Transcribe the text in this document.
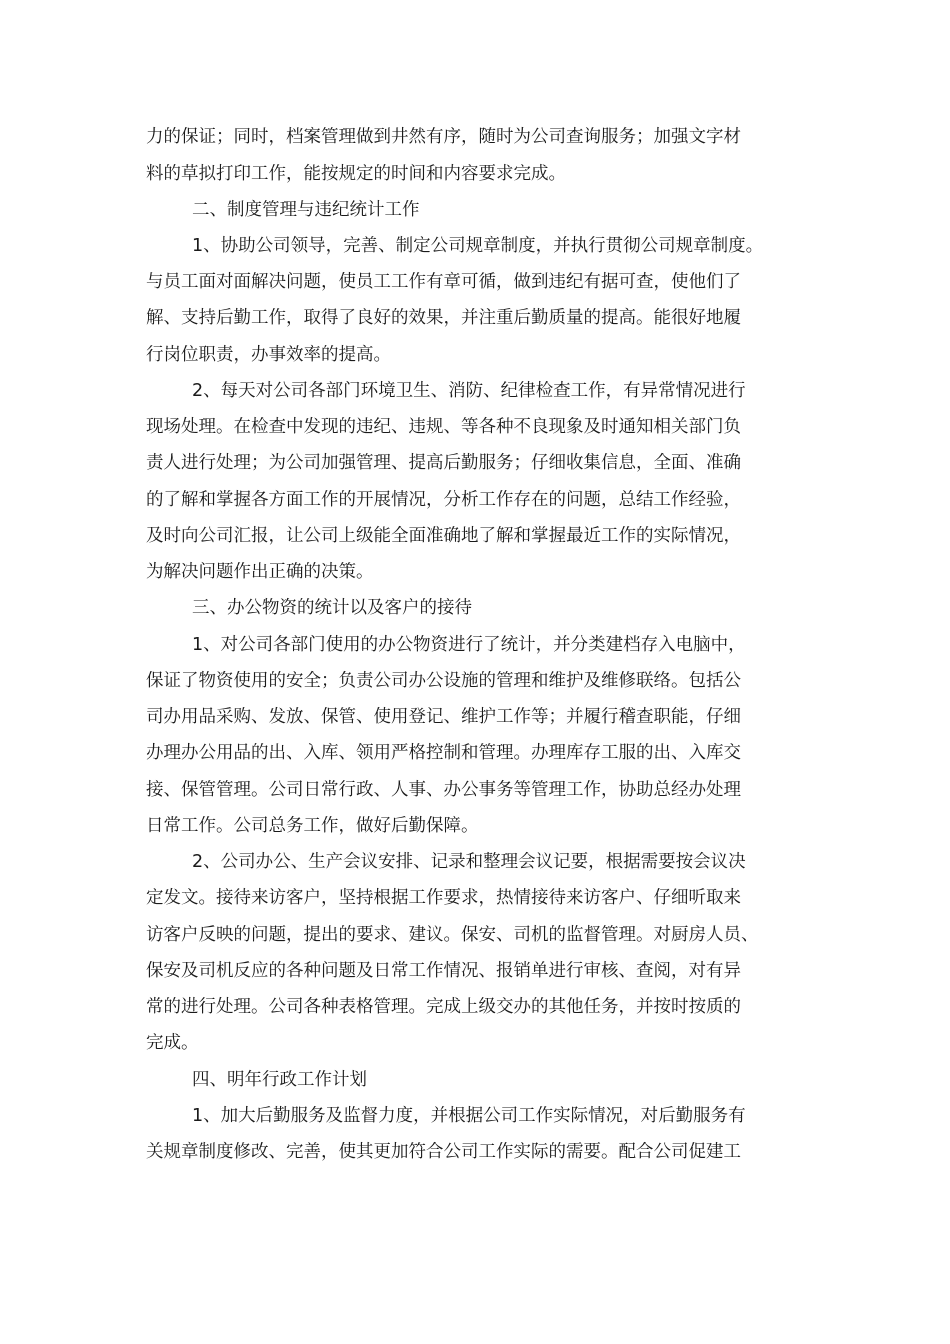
力的保证；同时，档案管理做到井然有序，随时为公司查询服务；加强文字材
料的草拟打印工作，能按规定的时间和内容要求完成。
二、制度管理与违纪统计工作
1、协助公司领导，完善、制定公司规章制度，并执行贯彻公司规章制度。
与员工面对面解决问题，使员工工作有章可循，做到违纪有据可查，使他们了
解、支持后勤工作，取得了良好的效果，并注重后勤质量的提高。能很好地履
行岗位职责，办事效率的提高。
2、每天对公司各部门环境卫生、消防、纪律检查工作，有异常情况进行
现场处理。在检查中发现的违纪、违规、等各种不良现象及时通知相关部门负
责人进行处理；为公司加强管理、提高后勤服务；仔细收集信息，全面、准确
的了解和掌握各方面工作的开展情况，分析工作存在的问题，总结工作经验，
及时向公司汇报，让公司上级能全面准确地了解和掌握最近工作的实际情况，
为解决问题作出正确的决策。
三、办公物资的统计以及客户的接待
1、对公司各部门使用的办公物资进行了统计，并分类建档存入电脑中，
保证了物资使用的安全；负责公司办公设施的管理和维护及维修联络。包括公
司办用品采购、发放、保管、使用登记、维护工作等；并履行稽查职能，仔细
办理办公用品的出、入库、领用严格控制和管理。办理库存工服的出、入库交
接、保管管理。公司日常行政、人事、办公事务等管理工作，协助总经办处理
日常工作。公司总务工作，做好后勤保障。
2、公司办公、生产会议安排、记录和整理会议记要，根据需要按会议决
定发文。接待来访客户，坚持根据工作要求，热情接待来访客户、仔细听取来
访客户反映的问题，提出的要求、建议。保安、司机的监督管理。对厨房人员、
保安及司机反应的各种问题及日常工作情况、报销单进行审核、查阅，对有异
常的进行处理。公司各种表格管理。完成上级交办的其他任务，并按时按质的
完成。
四、明年行政工作计划
1、加大后勤服务及监督力度，并根据公司工作实际情况，对后勤服务有
关规章制度修改、完善，使其更加符合公司工作实际的需要。配合公司促建工
